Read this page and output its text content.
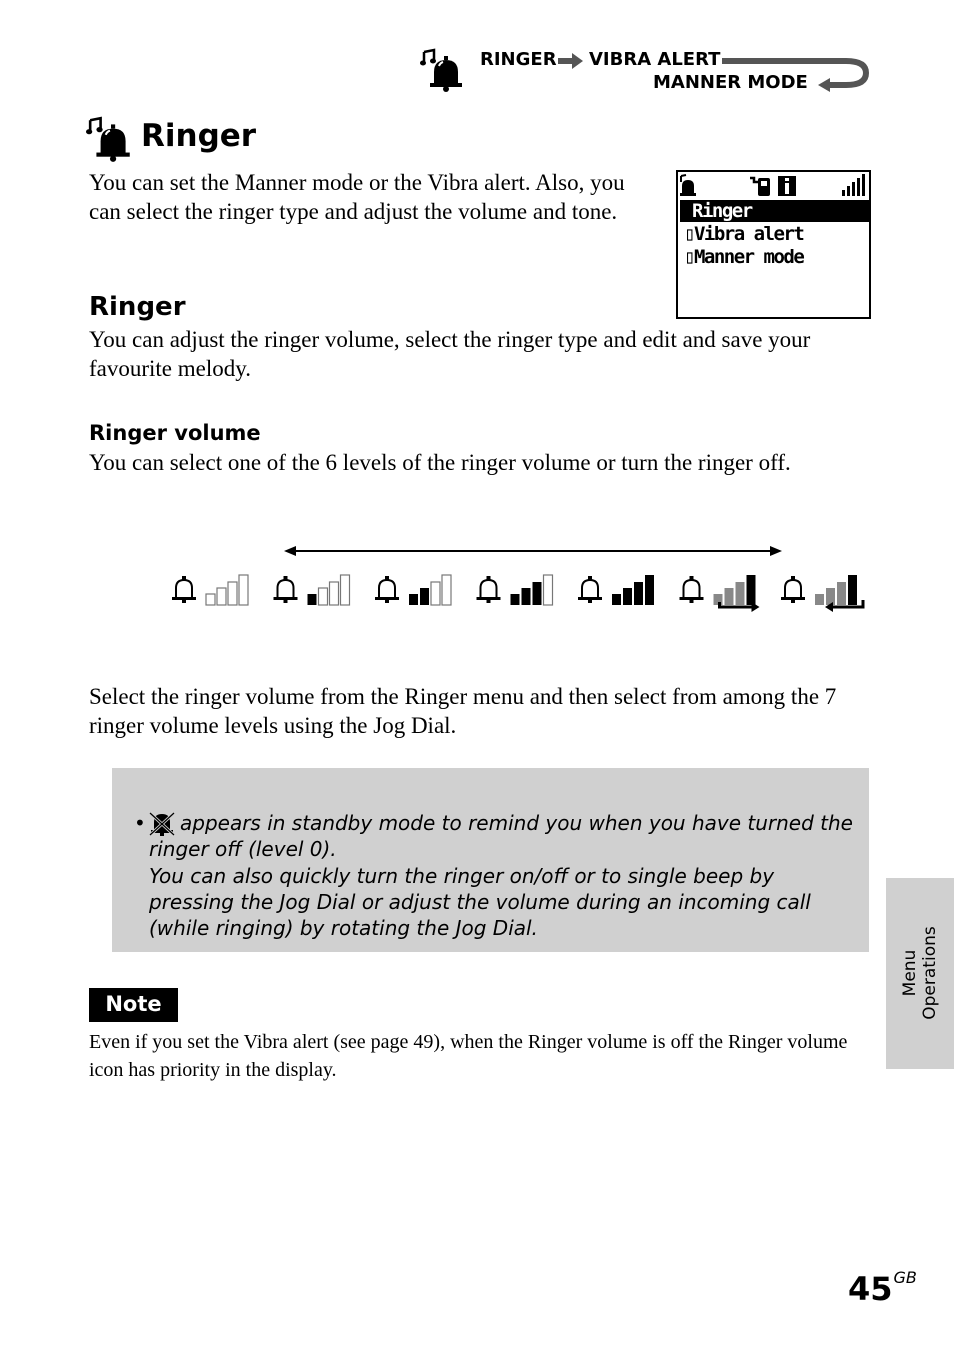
RINGER VIBRA ALERT
MANNER MODE
Ringer
You can set the Manner mode or the Vibra alert. Also, you can select the ringer type and adjust the volume and tone.	Ringer
▯Vibra alert
▯Manner mode
Ringer
You can adjust the ringer volume, select the ringer type and edit and save your favourite melody.
Ringer volume
You can select one of the 6 levels of the ringer volume or turn the ringer off.
Select the ringer volume from the Ringer menu and then select from among the 7 ringer volume levels using the Jog Dial.
• appears in standby mode to remind you when you have turned the
ringer off (level 0).
You can also quickly turn the ringer on/off or to single beep by
pressing the Jog Dial or adjust the volume during an incoming call
(while ringing) by rotating the Jog Dial.
Note
Even if you set the Vibra alert (see page 49), when the Ringer volume is off the Ringer volume icon has priority in the display.
Menu Operations
$45^{GB}$
